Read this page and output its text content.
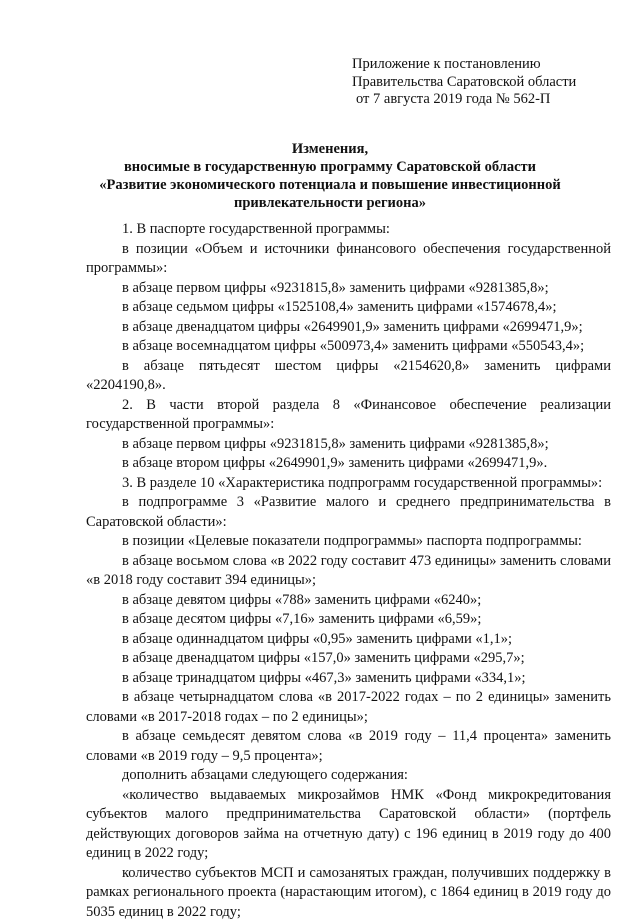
Приложение к постановлению
Правительства Саратовской области
от 7 августа 2019 года № 562-П
Изменения,
вносимые в государственную программу Саратовской области
«Развитие экономического потенциала и повышение инвестиционной
привлекательности региона»

1. В паспорте государственной программы:

в позиции «Объем и источники финансового обеспечения государственной программы»:

в абзаце первом цифры «9231815,8» заменить цифрами «9281385,8»;

в абзаце седьмом цифры «1525108,4» заменить цифрами «1574678,4»;

в абзаце двенадцатом цифры «2649901,9» заменить цифрами «2699471,9»;

в абзаце восемнадцатом цифры «500973,4» заменить цифрами «550543,4»;

в абзаце пятьдесят шестом цифры «2154620,8» заменить цифрами «2204190,8».

2. В части второй раздела 8 «Финансовое обеспечение реализации государственной программы»:

в абзаце первом цифры «9231815,8» заменить цифрами «9281385,8»;

в абзаце втором цифры «2649901,9» заменить цифрами «2699471,9».

3. В разделе 10 «Характеристика подпрограмм государственной программы»:

в подпрограмме 3 «Развитие малого и среднего предпринимательства в Саратовской области»:

в позиции «Целевые показатели подпрограммы» паспорта подпрограммы:

в абзаце восьмом слова «в 2022 году составит 473 единицы» заменить словами «в 2018 году составит 394 единицы»;

в абзаце девятом цифры «788» заменить цифрами «6240»;

в абзаце десятом цифры «7,16» заменить цифрами «6,59»;

в абзаце одиннадцатом цифры «0,95» заменить цифрами «1,1»;

в абзаце двенадцатом цифры «157,0» заменить цифрами «295,7»;

в абзаце тринадцатом цифры «467,3» заменить цифрами «334,1»;

в абзаце четырнадцатом слова «в 2017-2022 годах – по 2 единицы» заменить словами «в 2017-2018 годах – по 2 единицы»;

в абзаце семьдесят девятом слова «в 2019 году – 11,4 процента» заменить словами «в 2019 году – 9,5 процента»;

дополнить абзацами следующего содержания:

«количество выдаваемых микрозаймов НМК «Фонд микрокредитования субъектов малого предпринимательства Саратовской области» (портфель действующих договоров займа на отчетную дату) с 196 единиц в 2019 году до 400 единиц в 2022 году;

количество субъектов МСП и самозанятых граждан, получивших поддержку в рамках регионального проекта (нарастающим итогом), с 1864 единиц в 2019 году до 5035 единиц в 2022 году;
